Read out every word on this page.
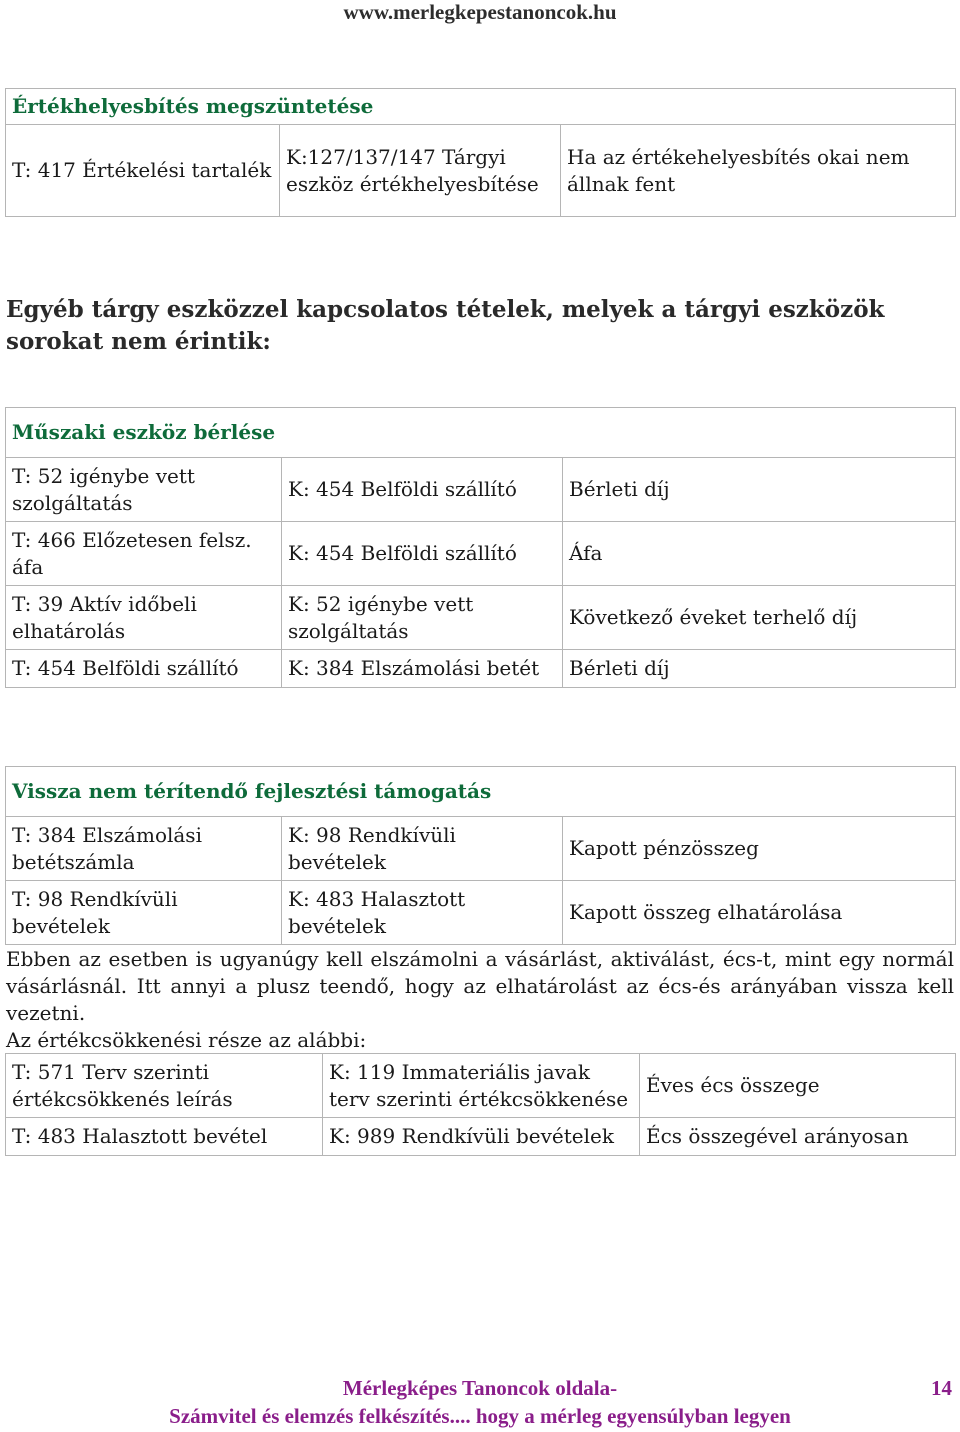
www.merlegkepestanoncok.hu
Értékhelyesbítés megszüntetése
T: 417 Értékelési tartalék	K:127/137/147 Tárgyi eszköz értékhelyesbítése	Ha az értékehelyesbítés okai nem állnak fent
Egyéb tárgy eszközzel kapcsolatos tételek, melyek a tárgyi eszközök sorokat nem érintik:
Műszaki eszköz bérlése		
T: 52 igénybe vett szolgáltatás	K: 454 Belföldi szállító	Bérleti díj
T: 466 Előzetesen felsz. áfa	K: 454 Belföldi szállító	Áfa
T: 39 Aktív időbeli elhatárolás	K: 52 igénybe vett szolgáltatás	Következő éveket terhelő díj
T: 454 Belföldi szállító	K: 384 Elszámolási betét	Bérleti díj
Vissza nem térítendő fejlesztési támogatás		
T: 384 Elszámolási betétszámla	K: 98 Rendkívüli bevételek	Kapott pénzösszeg
T: 98 Rendkívüli bevételek	K: 483 Halasztott bevételek	Kapott összeg elhatárolása
Ebben az esetben is ugyanúgy kell elszámolni a vásárlást, aktiválást, écs-t, mint egy normál vásárlásnál. Itt annyi a plusz teendő, hogy az elhatárolást az écs-és arányában vissza kell vezetni.
Az értékcsökkenési része az alábbi:
T: 571 Terv szerinti értékcsökkenés leírás	K: 119 Immateriális javak terv szerinti értékcsökkenése	Éves écs összege
T: 483 Halasztott bevétel	K: 989 Rendkívüli bevételek	Écs összegével arányosan
Mérlegképes Tanoncok oldala-
Számvitel és elemzés felkészítés.... hogy a mérleg egyensúlyban legyen
14
